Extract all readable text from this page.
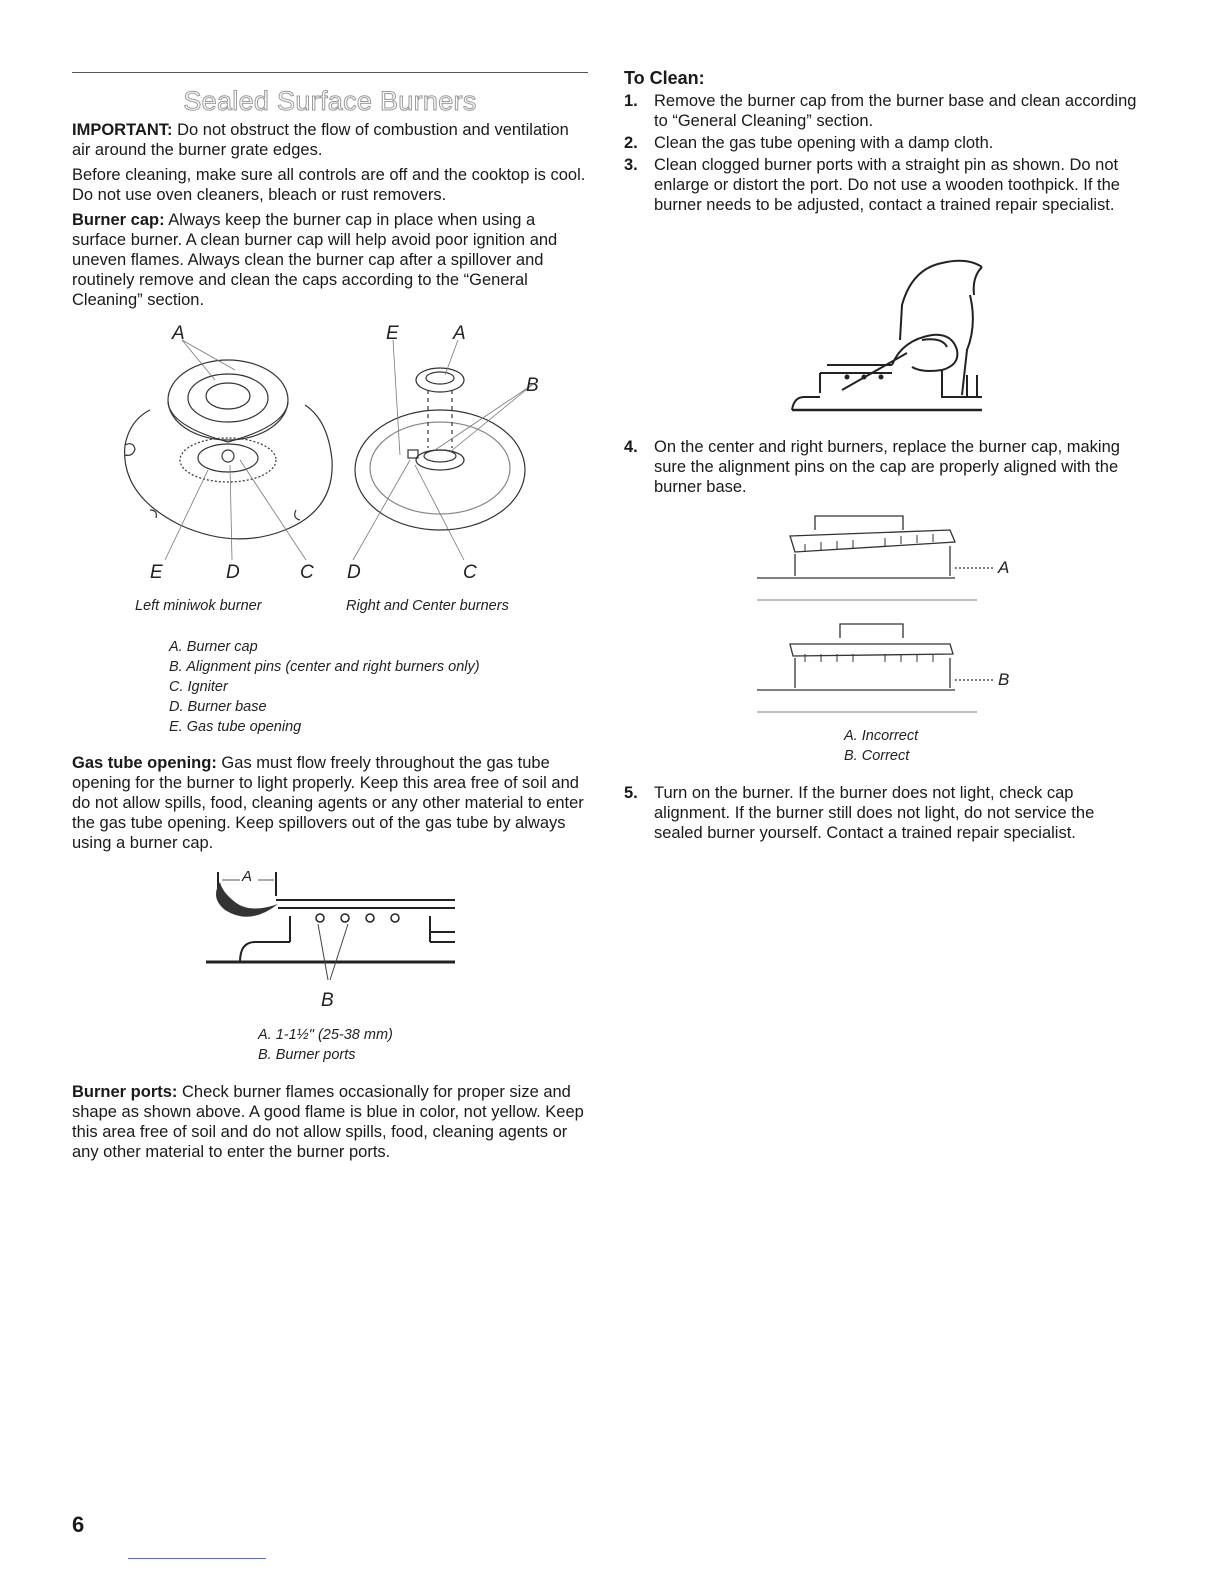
Sealed Surface Burners

IMPORTANT: Do not obstruct the flow of combustion and ventilation air around the burner grate edges.

Before cleaning, make sure all controls are off and the cooktop is cool. Do not use oven cleaners, bleach or rust removers.

Burner cap: Always keep the burner cap in place when using a surface burner. A clean burner cap will help avoid poor ignition and uneven flames. Always clean the burner cap after a spillover and routinely remove and clean the caps according to the “General Cleaning” section.

A	E	A
B
E	D	C D	C
Left miniwok burner	Right and Center burners
A. Burner cap
B. Alignment pins (center and right burners only)
C. Igniter
D. Burner base
E. Gas tube opening

Gas tube opening: Gas must flow freely throughout the gas tube opening for the burner to light properly. Keep this area free of soil and do not allow spills, food, cleaning agents or any other material to enter the gas tube opening. Keep spillovers out of the gas tube by always using a burner cap.

A
B
A. 1-1½" (25-38 mm)
B. Burner ports

Burner ports: Check burner flames occasionally for proper size and shape as shown above. A good flame is blue in color, not yellow. Keep this area free of soil and do not allow spills, food, cleaning agents or any other material to enter the burner ports.

To Clean:
1. Remove the burner cap from the burner base and clean according to “General Cleaning” section.
2. Clean the gas tube opening with a damp cloth.
3. Clean clogged burner ports with a straight pin as shown. Do not enlarge or distort the port. Do not use a wooden toothpick. If the burner needs to be adjusted, contact a trained repair specialist.
4. On the center and right burners, replace the burner cap, making sure the alignment pins on the cap are properly aligned with the burner base.
A
B
A. Incorrect
B. Correct
5. Turn on the burner. If the burner does not light, check cap alignment. If the burner still does not light, do not service the sealed burner yourself. Contact a trained repair specialist.
6
